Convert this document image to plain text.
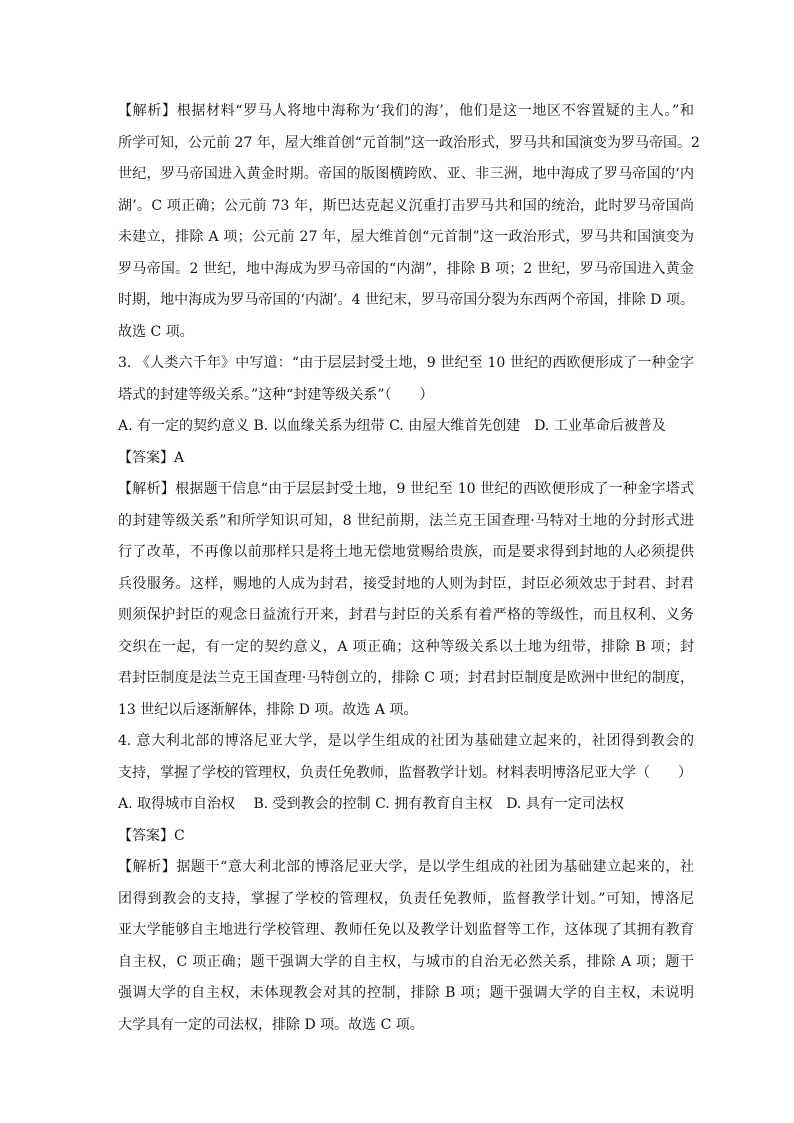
【解析】根据材料“罗马人将地中海称为‘我们的海’，他们是这一地区不容置疑的主人。”和
所学可知，公元前 27 年，屋大维首创“元首制”这一政治形式，罗马共和国演变为罗马帝国。2
世纪，罗马帝国进入黄金时期。帝国的版图横跨欧、亚、非三洲，地中海成了罗马帝国的‘内
湖’。C 项正确；公元前 73 年，斯巴达克起义沉重打击罗马共和国的统治，此时罗马帝国尚
未建立，排除 A 项；公元前 27 年，屋大维首创“元首制”这一政治形式，罗马共和国演变为
罗马帝国。2 世纪，地中海成为罗马帝国的“内湖”，排除 B 项；2 世纪，罗马帝国进入黄金
时期，地中海成为罗马帝国的‘内湖’。4 世纪末，罗马帝国分裂为东西两个帝国，排除 D 项。
故选 C 项。
3. 《人类六千年》中写道：“由于层层封受土地，9 世纪至 10 世纪的西欧便形成了一种金字
塔式的封建等级关系。”这种“封建等级关系”（　　）
A. 有一定的契约意义 B. 以血缘关系为纽带 C. 由屋大维首先创建　D. 工业革命后被普及
【答案】A
【解析】根据题干信息“由于层层封受土地，9 世纪至 10 世纪的西欧便形成了一种金字塔式
的封建等级关系”和所学知识可知，8 世纪前期，法兰克王国查理·马特对土地的分封形式进
行了改革，不再像以前那样只是将土地无偿地赏赐给贵族，而是要求得到封地的人必须提供
兵役服务。这样，赐地的人成为封君，接受封地的人则为封臣，封臣必须效忠于封君、封君
则须保护封臣的观念日益流行开来，封君与封臣的关系有着严格的等级性，而且权利、义务
交织在一起，有一定的契约意义，A 项正确；这种等级关系以土地为纽带，排除 B 项；封
君封臣制度是法兰克王国查理·马特创立的，排除 C 项；封君封臣制度是欧洲中世纪的制度，
13 世纪以后逐渐解体，排除 D 项。故选 A 项。
4. 意大利北部的博洛尼亚大学，是以学生组成的社团为基础建立起来的，社团得到教会的
支持，掌握了学校的管理权，负责任免教师，监督教学计划。材料表明博洛尼亚大学（　　）
A. 取得城市自治权　 B. 受到教会的控制 C. 拥有教育自主权　D. 具有一定司法权
【答案】C
【解析】据题干“意大利北部的博洛尼亚大学，是以学生组成的社团为基础建立起来的，社
团得到教会的支持，掌握了学校的管理权，负责任免教师，监督教学计划。”可知，博洛尼
亚大学能够自主地进行学校管理、教师任免以及教学计划监督等工作，这体现了其拥有教育
自主权，C 项正确；题干强调大学的自主权，与城市的自治无必然关系，排除 A 项；题干
强调大学的自主权，未体现教会对其的控制，排除 B 项；题干强调大学的自主权，未说明
大学具有一定的司法权，排除 D 项。故选 C 项。
